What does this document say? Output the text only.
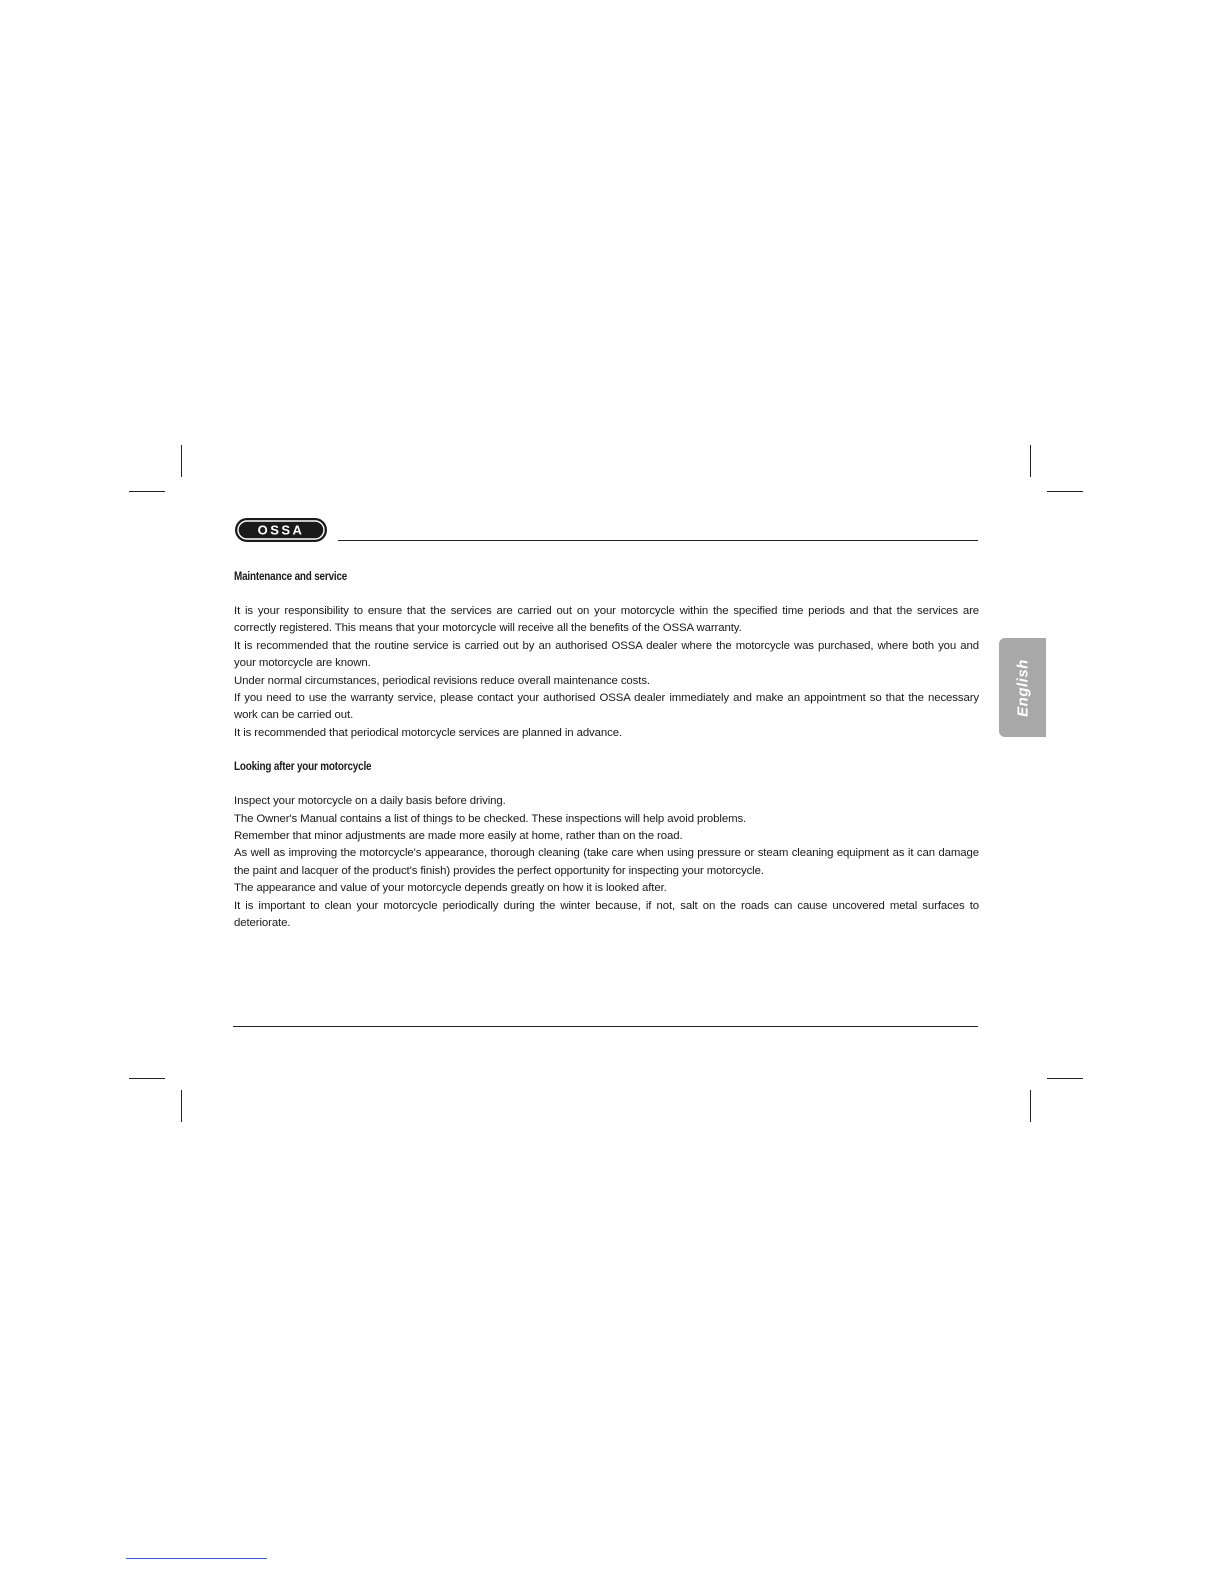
OSSA
Maintenance and service

It is your responsibility to ensure that the services are carried out on your motorcycle within the specified time periods and that the services are correctly registered. This means that your motorcycle will receive all the benefits of the OSSA warranty.

It is recommended that the routine service is carried out by an authorised OSSA dealer where the motorcycle was purchased, where both you and your motorcycle are known.

Under normal circumstances, periodical revisions reduce overall maintenance costs.

If you need to use the warranty service, please contact your authorised OSSA dealer immediately and make an appointment so that the necessary work can be carried out.

It is recommended that periodical motorcycle services are planned in advance.

Looking after your motorcycle

Inspect your motorcycle on a daily basis before driving.

The Owner's Manual contains a list of things to be checked. These inspections will help avoid problems.

Remember that minor adjustments are made more easily at home, rather than on the road.

As well as improving the motorcycle's appearance, thorough cleaning (take care when using pressure or steam cleaning equipment as it can damage the paint and lacquer of the product's finish) provides the perfect opportunity for inspecting your motorcycle.

The appearance and value of your motorcycle depends greatly on how it is looked after.

It is important to clean your motorcycle periodically during the winter because, if not, salt on the roads can cause uncovered metal surfaces to deteriorate.

English
